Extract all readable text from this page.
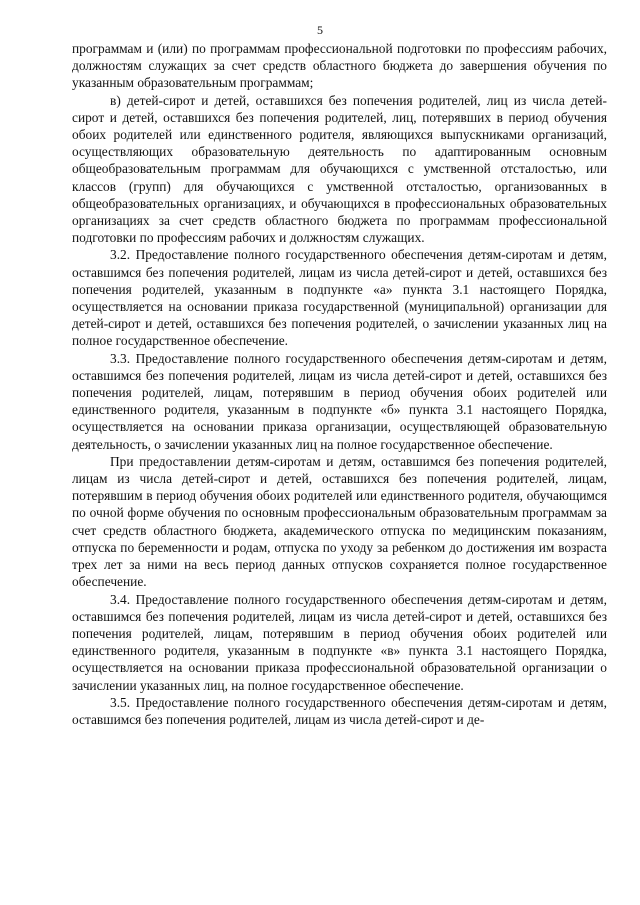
5

программам и (или) по программам профессиональной подготовки по профессиям рабочих, должностям служащих за счет средств областного бюджета до завершения обучения по указанным образовательным программам;

в) детей-сирот и детей, оставшихся без попечения родителей, лиц из числа детей-сирот и детей, оставшихся без попечения родителей, лиц, потерявших в период обучения обоих родителей или единственного родителя, являющихся выпускниками организаций, осуществляющих образовательную деятельность по адаптированным основным общеобразовательным программам для обучающихся с умственной отсталостью, или классов (групп) для обучающихся с умственной отсталостью, организованных в общеобразовательных организациях, и обучающихся в профессиональных образовательных организациях за счет средств областного бюджета по программам профессиональной подготовки по профессиям рабочих и должностям служащих.

3.2. Предоставление полного государственного обеспечения детям-сиротам и детям, оставшимся без попечения родителей, лицам из числа детей-сирот и детей, оставшихся без попечения родителей, указанным в подпункте «а» пункта 3.1 настоящего Порядка, осуществляется на основании приказа государственной (муниципальной) организации для детей-сирот и детей, оставшихся без попечения родителей, о зачислении указанных лиц на полное государственное обеспечение.

3.3. Предоставление полного государственного обеспечения детям-сиротам и детям, оставшимся без попечения родителей, лицам из числа детей-сирот и детей, оставшихся без попечения родителей, лицам, потерявшим в период обучения обоих родителей или единственного родителя, указанным в подпункте «б» пункта 3.1 настоящего Порядка, осуществляется на основании приказа организации, осуществляющей образовательную деятельность, о зачислении указанных лиц на полное государственное обеспечение.

При предоставлении детям-сиротам и детям, оставшимся без попечения родителей, лицам из числа детей-сирот и детей, оставшихся без попечения родителей, лицам, потерявшим в период обучения обоих родителей или единственного родителя, обучающимся по очной форме обучения по основным профессиональным образовательным программам за счет средств областного бюджета, академического отпуска по медицинским показаниям, отпуска по беременности и родам, отпуска по уходу за ребенком до достижения им возраста трех лет за ними на весь период данных отпусков сохраняется полное государственное обеспечение.

3.4. Предоставление полного государственного обеспечения детям-сиротам и детям, оставшимся без попечения родителей, лицам из числа детей-сирот и детей, оставшихся без попечения родителей, лицам, потерявшим в период обучения обоих родителей или единственного родителя, указанным в подпункте «в» пункта 3.1 настоящего Порядка, осуществляется на основании приказа профессиональной образовательной организации о зачислении указанных лиц, на полное государственное обеспечение.

3.5. Предоставление полного государственного обеспечения детям-сиротам и детям, оставшимся без попечения родителей, лицам из числа детей-сирот и де-
